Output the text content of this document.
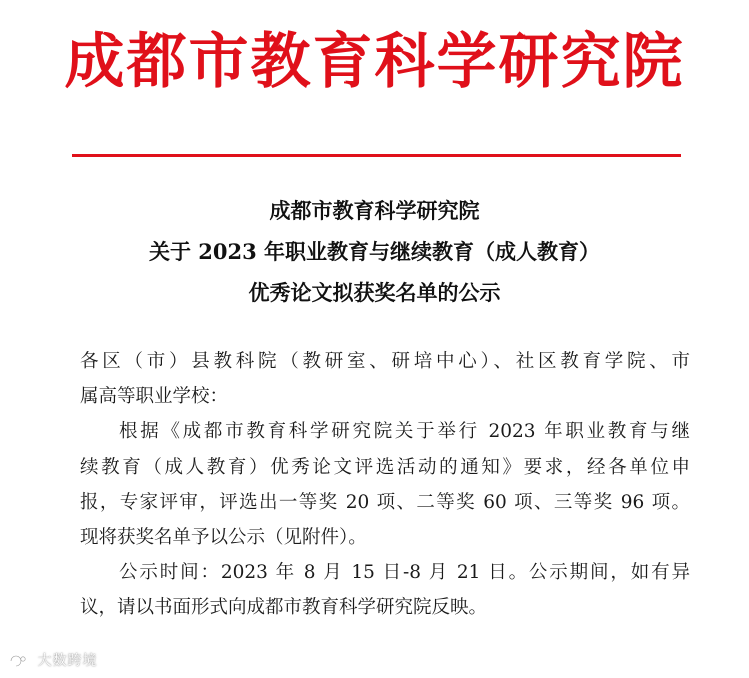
成都市教育科学研究院
成都市教育科学研究院
关于 2023 年职业教育与继续教育（成人教育）
优秀论文拟获奖名单的公示
各区（市）县教科院（教研室、研培中心）、社区教育学院、市
属高等职业学校：
根据《成都市教育科学研究院关于举行 2023 年职业教育与继
续教育（成人教育）优秀论文评选活动的通知》要求，经各单位申
报，专家评审，评选出一等奖 20 项、二等奖 60 项、三等奖 96 项。
现将获奖名单予以公示（见附件）。
公示时间：2023 年 8 月 15 日-8 月 21 日。公示期间，如有异
议，请以书面形式向成都市教育科学研究院反映。
大数跨境
